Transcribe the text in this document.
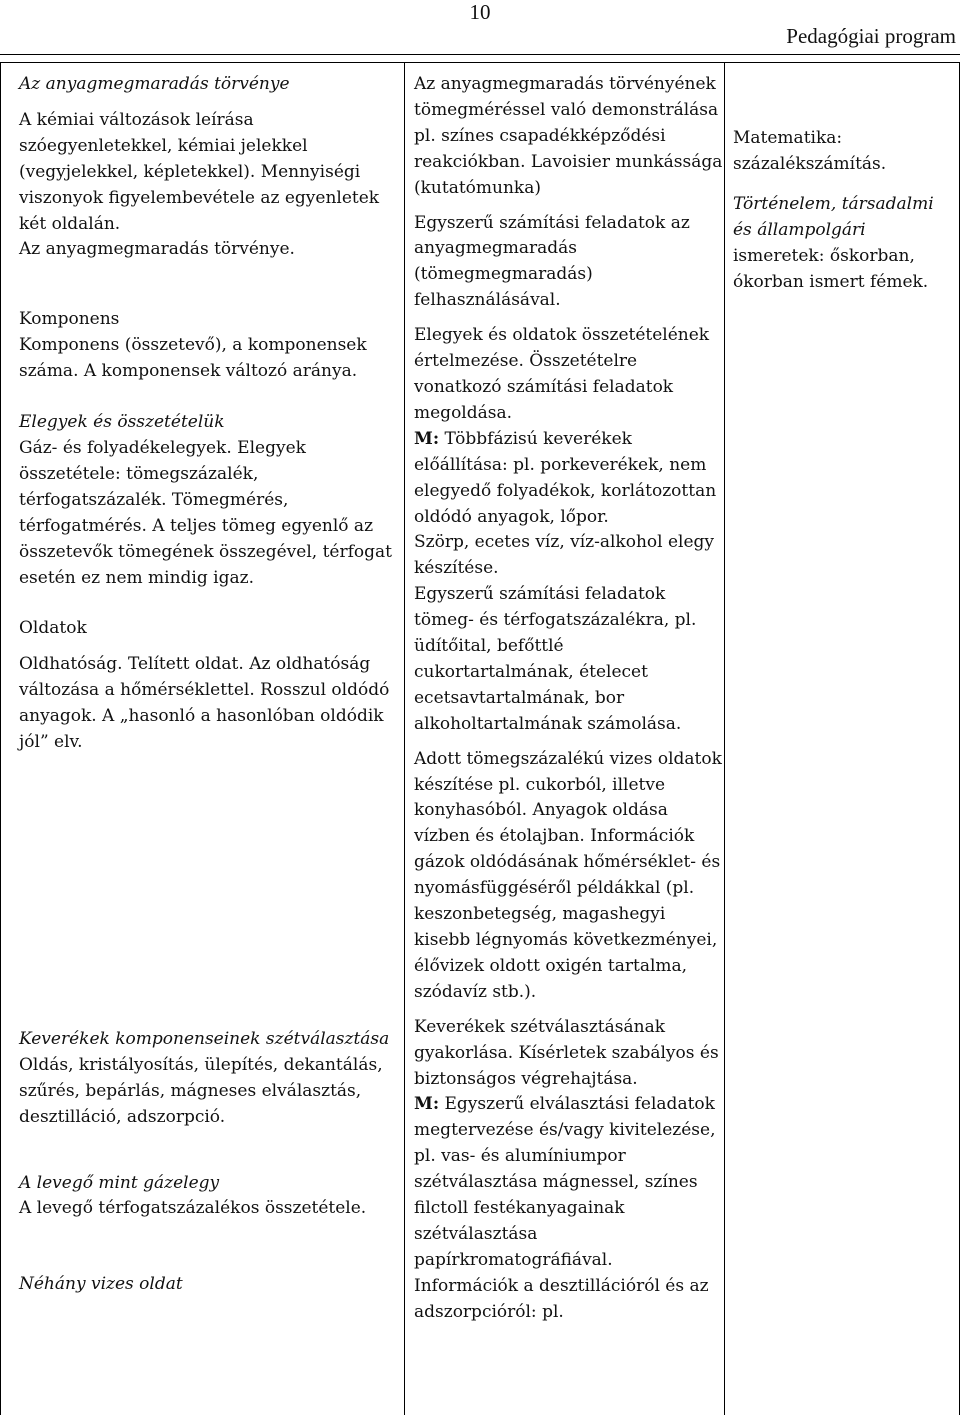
10
Pedagógiai program

Az anyagmegmaradás törvénye

A kémiai változások leírása szóegyenletekkel, kémiai jelekkel (vegyjelekkel, képletekkel). Mennyiségi viszonyok figyelembevétele az egyenletek két oldalán.

Az anyagmegmaradás törvénye.

Komponens

Komponens (összetevő), a komponensek száma. A komponensek változó aránya.

Elegyek és összetételük

Gáz- és folyadékelegyek. Elegyek összetétele: tömegszázalék, térfogatszázalék. Tömegmérés, térfogatmérés. A teljes tömeg egyenlő az összetevők tömegének összegével, térfogat esetén ez nem mindig igaz.

Oldatok

Oldhatóság. Telített oldat. Az oldhatóság változása a hőmérséklettel. Rosszul oldódó anyagok. A „hasonló a hasonlóban oldódik jól” elv.

Keverékek komponenseinek szétválasztása

Oldás, kristályosítás, ülepítés, dekantálás, szűrés, bepárlás, mágneses elválasztás, desztilláció, adszorpció.

A levegő mint gázelegy

A levegő térfogatszázalékos összetétele.

Néhány vizes oldat

Az anyagmegmaradás törvényének tömegméréssel való demonstrálása pl. színes csapadékképződési reakciókban. Lavoisier munkássága (kutatómunka)

Egyszerű számítási feladatok az anyagmegmaradás (tömegmegmaradás) felhasználásával.

Elegyek és oldatok összetételének értelmezése. Összetételre vonatkozó számítási feladatok megoldása.

M: Többfázisú keverékek előállítása: pl. porkeverékek, nem elegyedő folyadékok, korlátozottan oldódó anyagok, lőpor.

Szörp, ecetes víz, víz-alkohol elegy készítése.

Egyszerű számítási feladatok tömeg- és térfogatszázalékra, pl. üdítőital, befőttlé cukortartalmának, ételecet ecetsavtartalmának, bor alkoholtartalmának számolása.

Adott tömegszázalékú vizes oldatok készítése pl. cukorból, illetve konyhasóból. Anyagok oldása vízben és étolajban. Információk gázok oldódásának hőmérséklet- és nyomásfüggéséről példákkal (pl. keszonbetegség, magashegyi kisebb légnyomás következményei, élővizek oldott oxigén tartalma, szódavíz stb.).

Keverékek szétválasztásának gyakorlása. Kísérletek szabályos és biztonságos végrehajtása.

M: Egyszerű elválasztási feladatok megtervezése és/vagy kivitelezése, pl. vas- és alumíniumpor szétválasztása mágnessel, színes filctoll festékanyagainak szétválasztása papírkromatográfiával.

Információk a desztillációról és az adszorpcióról: pl.

Matematika:

százalékszámítás.

Történelem, társadalmi és állampolgári

ismeretek: őskorban, ókorban ismert fémek.
